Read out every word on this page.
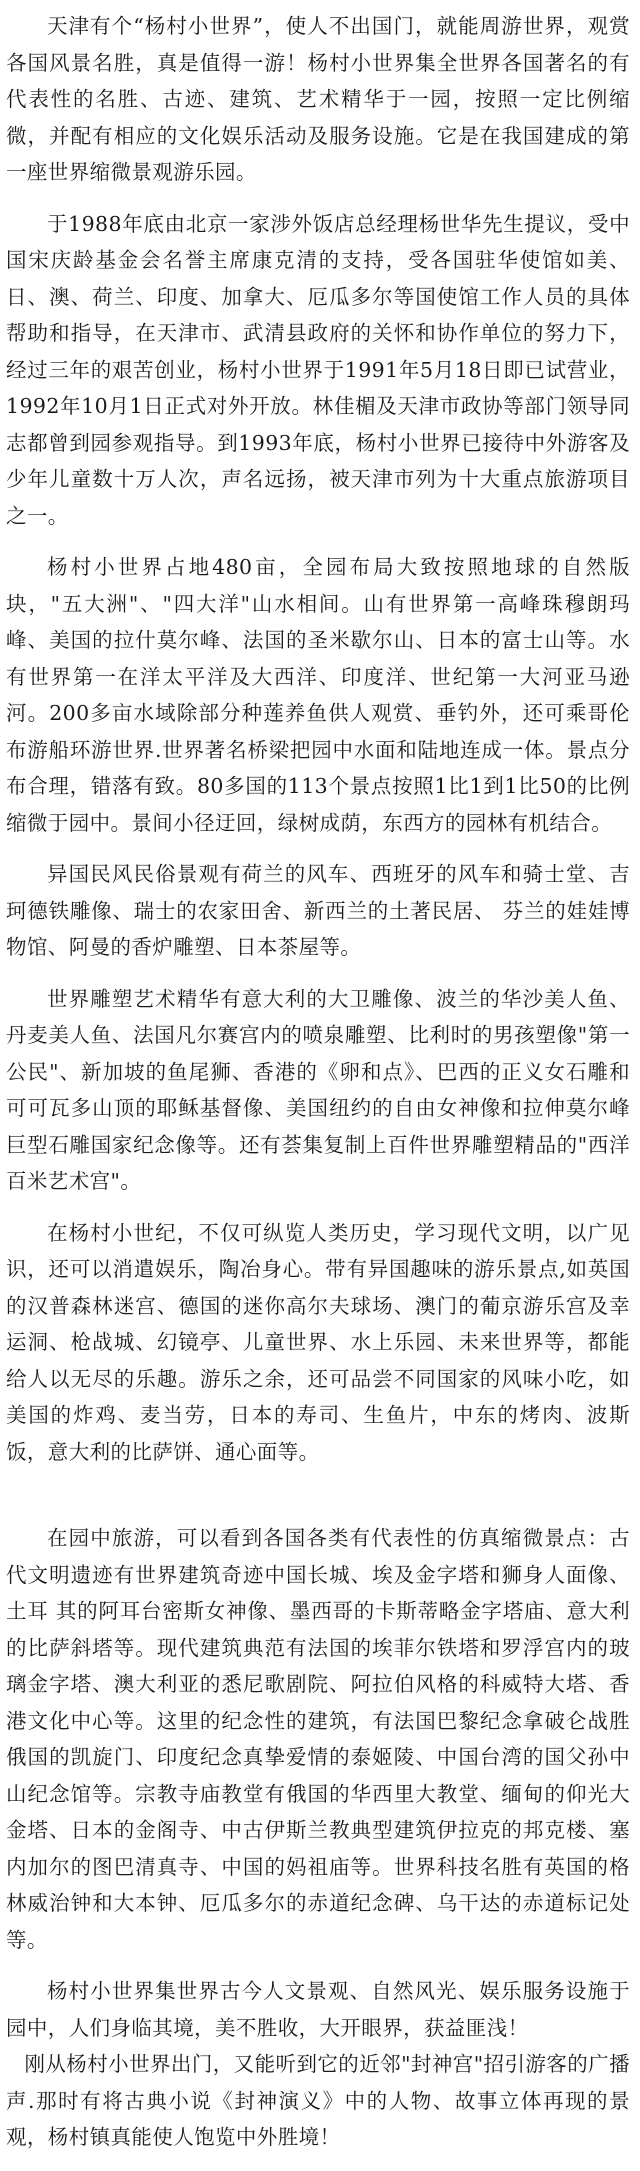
天津有个“杨村小世界”，使人不出国门，就能周游世界，观赏各国风景名胜，真是值得一游！杨村小世界集全世界各国著名的有代表性的名胜、古迹、建筑、艺术精华于一园，按照一定比例缩微，并配有相应的文化娱乐活动及服务设施。它是在我国建成的第一座世界缩微景观游乐园。

于1988年底由北京一家涉外饭店总经理杨世华先生提议，受中国宋庆龄基金会名誉主席康克清的支持，受各国驻华使馆如美、日、澳、荷兰、印度、加拿大、厄瓜多尔等国使馆工作人员的具体帮助和指导，在天津市、武清县政府的关怀和协作单位的努力下，经过三年的艰苦创业，杨村小世界于1991年5月18日即已试营业，1992年10月1日正式对外开放。林佳楣及天津市政协等部门领导同志都曾到园参观指导。到1993年底，杨村小世界已接待中外游客及少年儿童数十万人次，声名远扬，被天津市列为十大重点旅游项目之一。

杨村小世界占地480亩，全园布局大致按照地球的自然版块，"五大洲"、"四大洋"山水相间。山有世界第一高峰珠穆朗玛峰、美国的拉什莫尔峰、法国的圣米歇尔山、日本的富士山等。水有世界第一在洋太平洋及大西洋、印度洋、世纪第一大河亚马逊河。200多亩水域除部分种莲养鱼供人观赏、垂钓外，还可乘哥伦布游船环游世界.世界著名桥梁把园中水面和陆地连成一体。景点分布合理，错落有致。80多国的113个景点按照1比1到1比50的比例缩微于园中。景间小径迂回，绿树成荫，东西方的园林有机结合。

异国民风民俗景观有荷兰的风车、西班牙的风车和骑士堂、吉珂德铁雕像、瑞士的农家田舍、新西兰的土著民居、 芬兰的娃娃博物馆、阿曼的香炉雕塑、日本茶屋等。

世界雕塑艺术精华有意大利的大卫雕像、波兰的华沙美人鱼、丹麦美人鱼、法国凡尔赛宫内的喷泉雕塑、比利时的男孩塑像"第一公民"、新加坡的鱼尾狮、香港的《卵和点》、巴西的正义女石雕和可可瓦多山顶的耶稣基督像、美国纽约的自由女神像和拉伸莫尔峰巨型石雕国家纪念像等。还有荟集复制上百件世界雕塑精品的"西洋百米艺术宫"。

在杨村小世纪，不仅可纵览人类历史，学习现代文明，以广见识，还可以消遣娱乐，陶冶身心。带有异国趣味的游乐景点,如英国的汉普森林迷宫、德国的迷你高尔夫球场、澳门的葡京游乐宫及幸运洞、枪战城、幻镜亭、儿童世界、水上乐园、未来世界等，都能给人以无尽的乐趣。游乐之余，还可品尝不同国家的风味小吃，如美国的炸鸡、麦当劳，日本的寿司、生鱼片，中东的烤肉、波斯饭，意大利的比萨饼、通心面等。

在园中旅游，可以看到各国各类有代表性的仿真缩微景点：古代文明遗迹有世界建筑奇迹中国长城、埃及金字塔和狮身人面像、土耳 其的阿耳台密斯女神像、墨西哥的卡斯蒂略金字塔庙、意大利的比萨斜塔等。现代建筑典范有法国的埃菲尔铁塔和罗浮宫内的玻璃金字塔、澳大利亚的悉尼歌剧院、阿拉伯风格的科威特大塔、香港文化中心等。这里的纪念性的建筑，有法国巴黎纪念拿破仑战胜俄国的凯旋门、印度纪念真挚爱情的泰姬陵、中国台湾的国父孙中山纪念馆等。宗教寺庙教堂有俄国的华西里大教堂、缅甸的仰光大金塔、日本的金阁寺、中古伊斯兰教典型建筑伊拉克的邦克楼、塞内加尔的图巴清真寺、中国的妈祖庙等。世界科技名胜有英国的格林威治钟和大本钟、厄瓜多尔的赤道纪念碑、乌干达的赤道标记处等。

杨村小世界集世界古今人文景观、自然风光、娱乐服务设施于园中，人们身临其境，美不胜收，大开眼界，获益匪浅！

刚从杨村小世界出门，又能听到它的近邻"封神宫"招引游客的广播声.那时有将古典小说《封神演义》中的人物、故事立体再现的景观，杨村镇真能使人饱览中外胜境！
